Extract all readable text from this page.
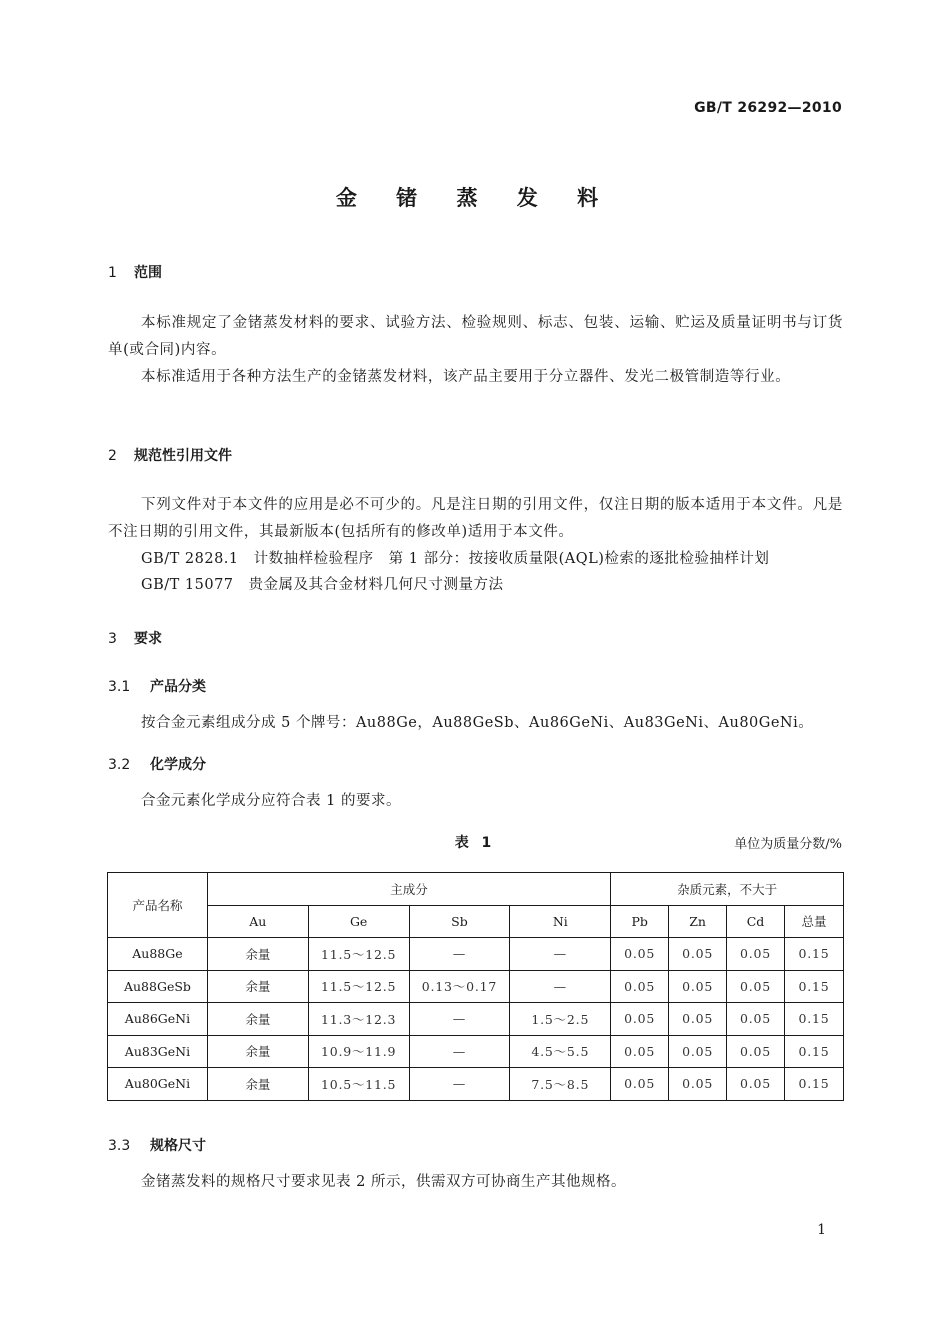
GB/T 26292—2010
金 锗 蒸 发 料
1 范围
本标准规定了金锗蒸发材料的要求、试验方法、检验规则、标志、包装、运输、贮运及质量证明书与订货单(或合同)内容。
本标准适用于各种方法生产的金锗蒸发材料，该产品主要用于分立器件、发光二极管制造等行业。
2 规范性引用文件
下列文件对于本文件的应用是必不可少的。凡是注日期的引用文件，仅注日期的版本适用于本文件。凡是不注日期的引用文件，其最新版本(包括所有的修改单)适用于本文件。
GB/T 2828.1　计数抽样检验程序　第 1 部分：按接收质量限(AQL)检索的逐批检验抽样计划
GB/T 15077　贵金属及其合金材料几何尺寸测量方法
3 要求
3.1 产品分类
按合金元素组成分成 5 个牌号：Au88Ge，Au88GeSb、Au86GeNi、Au83GeNi、Au80GeNi。
3.2 化学成分
合金元素化学成分应符合表 1 的要求。
表 1	单位为质量分数/%
产品名称	主成分				杂质元素，不大于			
	Au	Ge	Sb	Ni	Pb	Zn	Cd	总量
Au88Ge	余量	11.5～12.5	—	—	0.05	0.05	0.05	0.15
Au88GeSb	余量	11.5～12.5	0.13～0.17	—	0.05	0.05	0.05	0.15
Au86GeNi	余量	11.3～12.3	—	1.5～2.5	0.05	0.05	0.05	0.15
Au83GeNi	余量	10.9～11.9	—	4.5～5.5	0.05	0.05	0.05	0.15
Au80GeNi	余量	10.5～11.5	—	7.5～8.5	0.05	0.05	0.05	0.15
3.3 规格尺寸
金锗蒸发料的规格尺寸要求见表 2 所示，供需双方可协商生产其他规格。
1
